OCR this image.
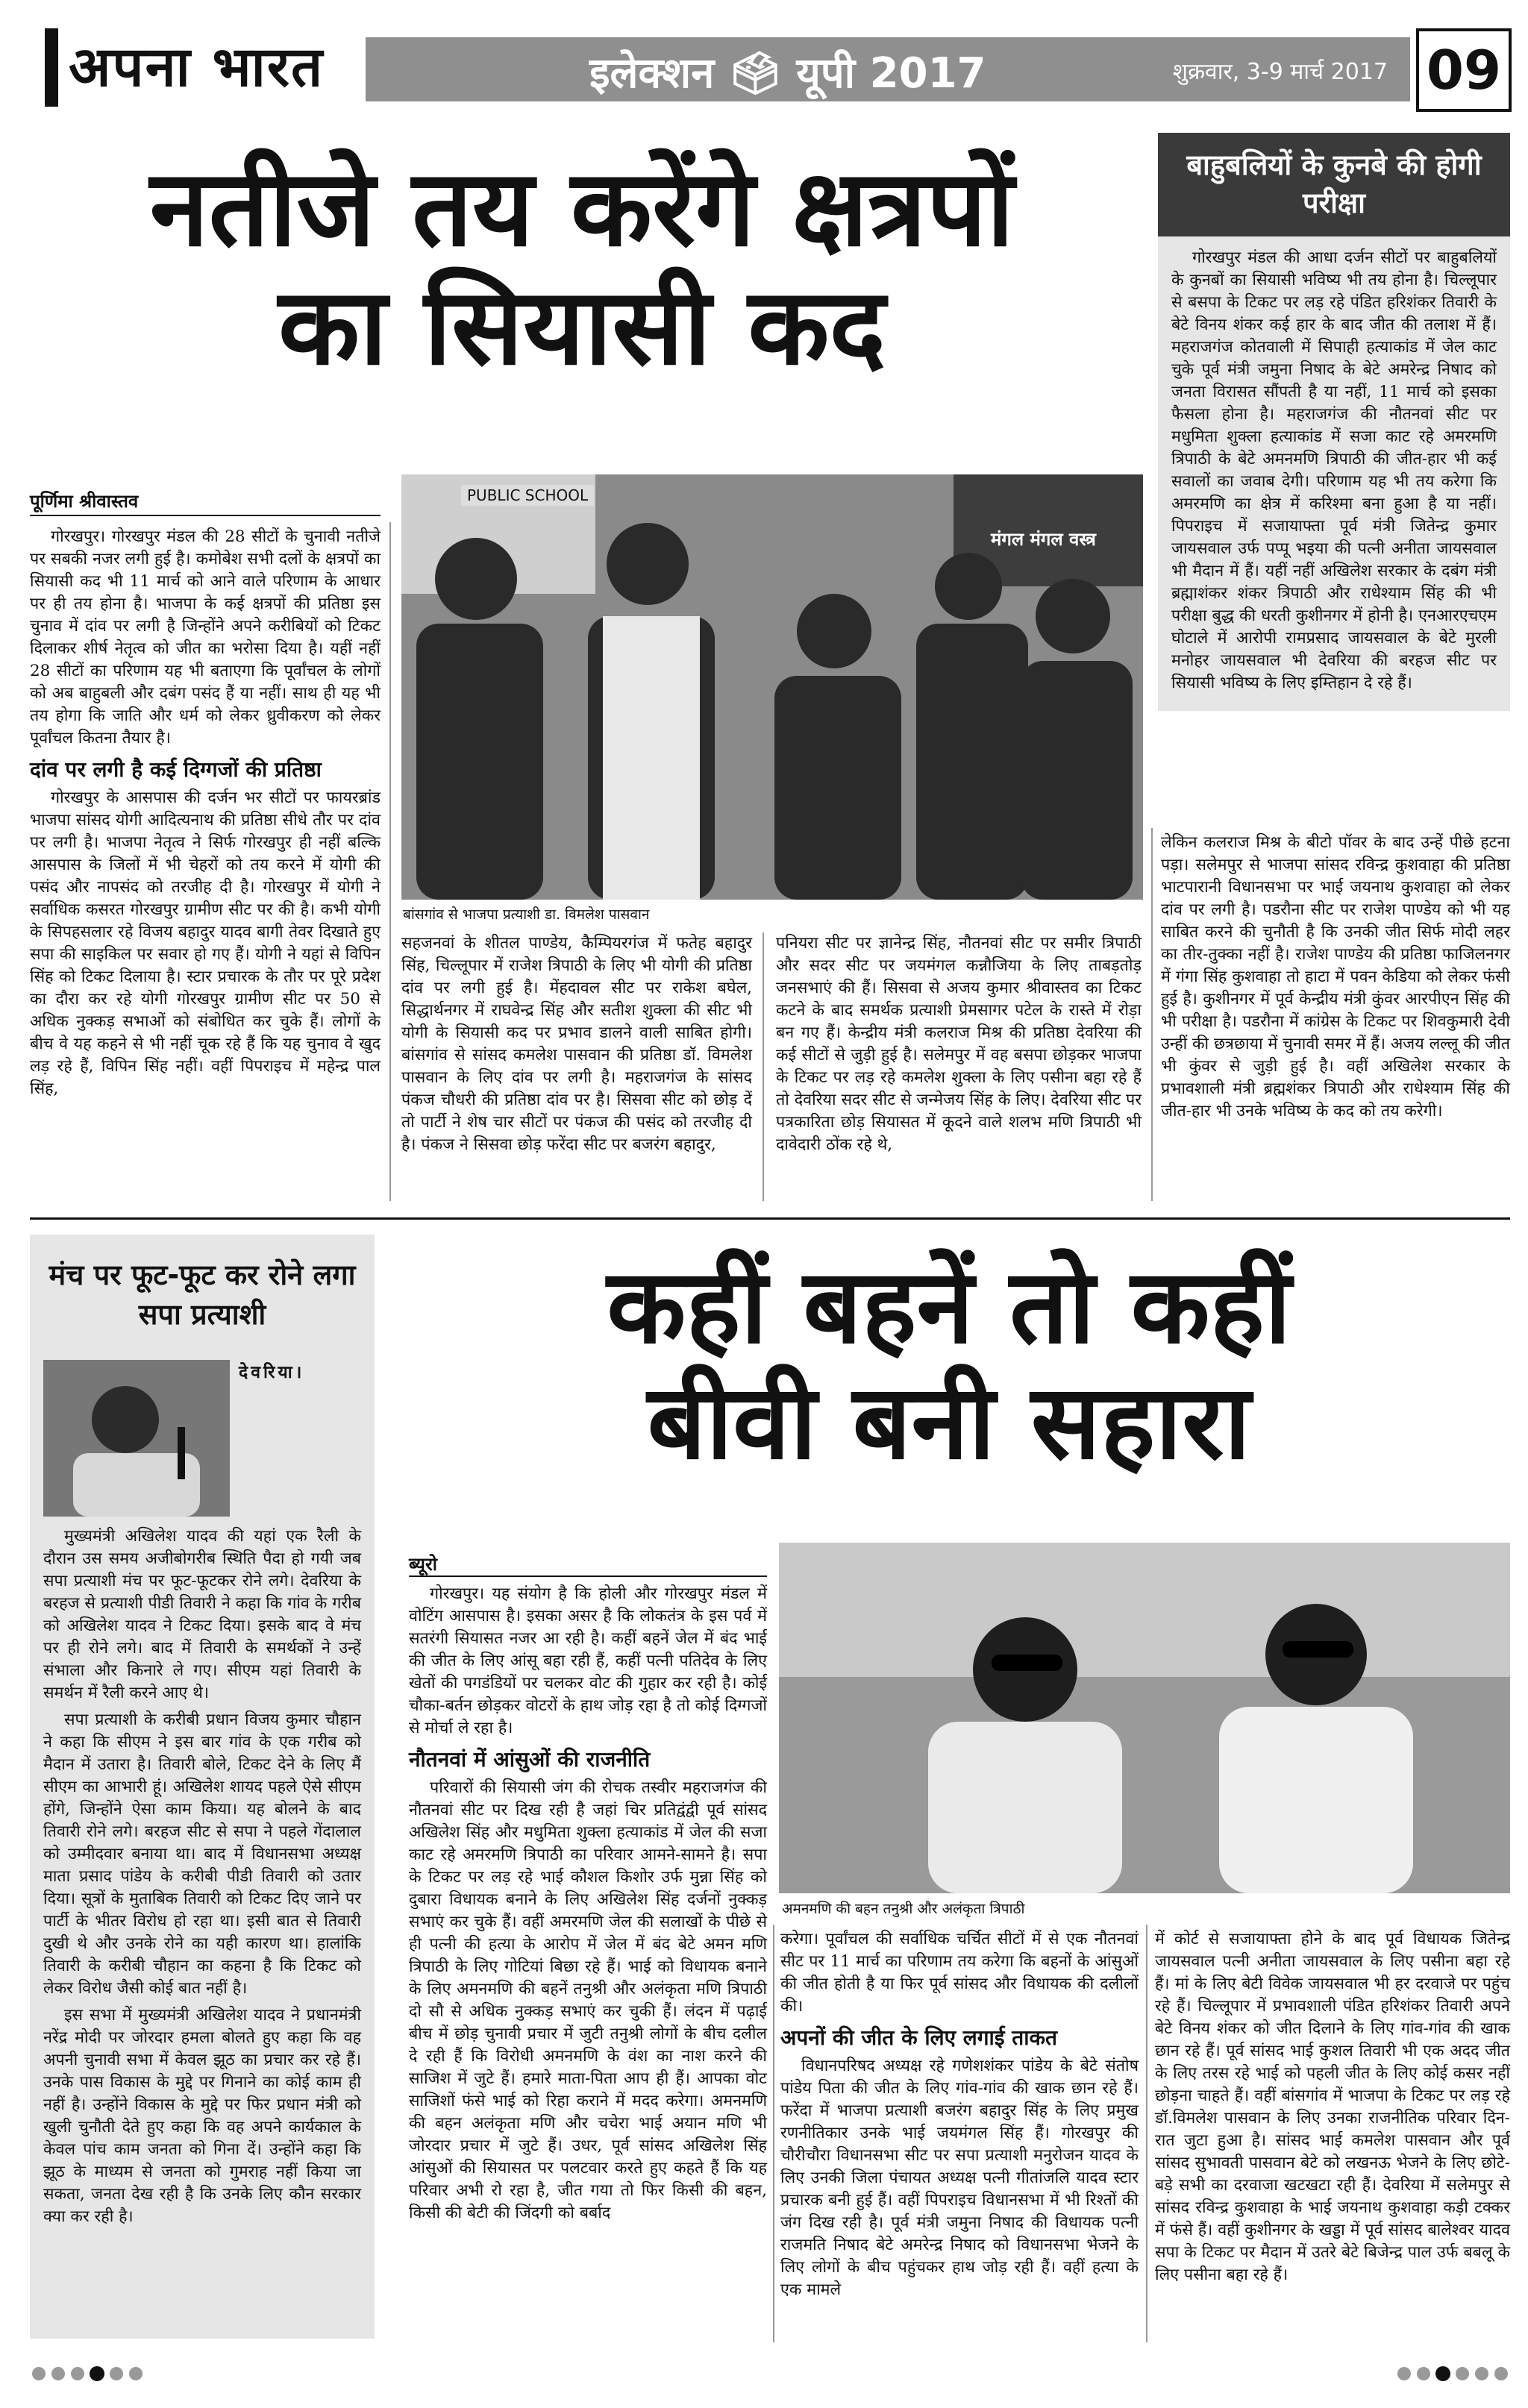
अपना भारत	इलेक्शन 🗳 यूपी 2017	शुक्रवार, 3-9 मार्च 2017 09
नतीजे तय करेंगे क्षत्रपों
का सियासी कद
बाहुबलियों के कुनबे की होगी परीक्षा

गोरखपुर मंडल की आधा दर्जन सीटों पर बाहुबलियों के कुनबों का सियासी भविष्य भी तय होना है। चिल्लूपार से बसपा के टिकट पर लड़ रहे पंडित हरिशंकर तिवारी के बेटे विनय शंकर कई हार के बाद जीत की तलाश में हैं। महराजगंज कोतवाली में सिपाही हत्याकांड में जेल काट चुके पूर्व मंत्री जमुना निषाद के बेटे अमरेन्द्र निषाद को जनता विरासत सौंपती है या नहीं, 11 मार्च को इसका फैसला होना है। महराजगंज की नौतनवां सीट पर मधुमिता शुक्ला हत्याकांड में सजा काट रहे अमरमणि त्रिपाठी के बेटे अमनमणि त्रिपाठी की जीत-हार भी कई सवालों का जवाब देगी। परिणाम यह भी तय करेगा कि अमरमणि का क्षेत्र में करिश्मा बना हुआ है या नहीं। पिपराइच में सजायाफ्ता पूर्व मंत्री जितेन्द्र कुमार जायसवाल उर्फ पप्पू भइया की पत्नी अनीता जायसवाल भी मैदान में हैं। यहीं नहीं अखिलेश सरकार के दबंग मंत्री ब्रह्माशंकर शंकर त्रिपाठी और राधेश्याम सिंह की भी परीक्षा बुद्ध की धरती कुशीनगर में होनी है। एनआरएचएम घोटाले में आरोपी रामप्रसाद जायसवाल के बेटे मुरली मनोहर जायसवाल भी देवरिया की बरहज सीट पर सियासी भविष्य के लिए इम्तिहान दे रहे हैं।

पूर्णिमा श्रीवास्तव

गोरखपुर। गोरखपुर मंडल की 28 सीटों के चुनावी नतीजे पर सबकी नजर लगी हुई है। कमोबेश सभी दलों के क्षत्रपों का सियासी कद भी 11 मार्च को आने वाले परिणाम के आधार पर ही तय होना है। भाजपा के कई क्षत्रपों की प्रतिष्ठा इस चुनाव में दांव पर लगी है जिन्होंने अपने करीबियों को टिकट दिलाकर शीर्ष नेतृत्व को जीत का भरोसा दिया है। यहीं नहीं 28 सीटों का परिणाम यह भी बताएगा कि पूर्वांचल के लोगों को अब बाहुबली और दबंग पसंद हैं या नहीं। साथ ही यह भी तय होगा कि जाति और धर्म को लेकर ध्रुवीकरण को लेकर पूर्वांचल कितना तैयार है।

दांव पर लगी है कई दिग्गजों की प्रतिष्ठा

गोरखपुर के आसपास की दर्जन भर सीटों पर फायरब्रांड भाजपा सांसद योगी आदित्यनाथ की प्रतिष्ठा सीधे तौर पर दांव पर लगी है। भाजपा नेतृत्व ने सिर्फ गोरखपुर ही नहीं बल्कि आसपास के जिलों में भी चेहरों को तय करने में योगी की पसंद और नापसंद को तरजीह दी है। गोरखपुर में योगी ने सर्वाधिक कसरत गोरखपुर ग्रामीण सीट पर की है। कभी योगी के सिपहसलार रहे विजय बहादुर यादव बागी तेवर दिखाते हुए सपा की साइकिल पर सवार हो गए हैं। योगी ने यहां से विपिन सिंह को टिकट दिलाया है। स्टार प्रचारक के तौर पर पूरे प्रदेश का दौरा कर रहे योगी गोरखपुर ग्रामीण सीट पर 50 से अधिक नुक्कड़ सभाओं को संबोधित कर चुके हैं। लोगों के बीच वे यह कहने से भी नहीं चूक रहे हैं कि यह चुनाव वे खुद लड़ रहे हैं, विपिन सिंह नहीं। वहीं पिपराइच में महेन्द्र पाल सिंह,

PUBLIC SCHOOL
मंगल मंगल वस्त्र
बांसगांव से भाजपा प्रत्याशी डा. विमलेश पासवान

सहजनवां के शीतल पाण्डेय, कैम्पियरगंज में फतेह बहादुर सिंह, चिल्लूपार में राजेश त्रिपाठी के लिए भी योगी की प्रतिष्ठा दांव पर लगी हुई है। मेंहदावल सीट पर राकेश बघेल, सिद्धार्थनगर में राघवेन्द्र सिंह और सतीश शुक्ला की सीट भी योगी के सियासी कद पर प्रभाव डालने वाली साबित होगी। बांसगांव से सांसद कमलेश पासवान की प्रतिष्ठा डॉ. विमलेश पासवान के लिए दांव पर लगी है। महराजगंज के सांसद पंकज चौधरी की प्रतिष्ठा दांव पर है। सिसवा सीट को छोड़ दें तो पार्टी ने शेष चार सीटों पर पंकज की पसंद को तरजीह दी है। पंकज ने सिसवा छोड़ फरेंदा सीट पर बजरंग बहादुर,

पनियरा सीट पर ज्ञानेन्द्र सिंह, नौतनवां सीट पर समीर त्रिपाठी और सदर सीट पर जयमंगल कन्नौजिया के लिए ताबड़तोड़ जनसभाएं की हैं। सिसवा से अजय कुमार श्रीवास्तव का टिकट कटने के बाद समर्थक प्रत्याशी प्रेमसागर पटेल के रास्ते में रोड़ा बन गए हैं। केन्द्रीय मंत्री कलराज मिश्र की प्रतिष्ठा देवरिया की कई सीटों से जुड़ी हुई है। सलेमपुर में वह बसपा छोड़कर भाजपा के टिकट पर लड़ रहे कमलेश शुक्ला के लिए पसीना बहा रहे हैं तो देवरिया सदर सीट से जन्मेजय सिंह के लिए। देवरिया सीट पर पत्रकारिता छोड़ सियासत में कूदने वाले शलभ मणि त्रिपाठी भी दावेदारी ठोंक रहे थे,

लेकिन कलराज मिश्र के बीटो पॉवर के बाद उन्हें पीछे हटना पड़ा। सलेमपुर से भाजपा सांसद रविन्द्र कुशवाहा की प्रतिष्ठा भाटपारानी विधानसभा पर भाई जयनाथ कुशवाहा को लेकर दांव पर लगी है। पडरौना सीट पर राजेश पाण्डेय को भी यह साबित करने की चुनौती है कि उनकी जीत सिर्फ मोदी लहर का तीर-तुक्का नहीं है। राजेश पाण्डेय की प्रतिष्ठा फाजिलनगर में गंगा सिंह कुशवाहा तो हाटा में पवन केडिया को लेकर फंसी हुई है। कुशीनगर में पूर्व केन्द्रीय मंत्री कुंवर आरपीएन सिंह की भी परीक्षा है। पडरौना में कांग्रेस के टिकट पर शिवकुमारी देवी उन्हीं की छत्रछाया में चुनावी समर में हैं। अजय लल्लू की जीत भी कुंवर से जुड़ी हुई है। वहीं अखिलेश सरकार के प्रभावशाली मंत्री ब्रह्मशंकर त्रिपाठी और राधेश्याम सिंह की जीत-हार भी उनके भविष्य के कद को तय करेगी।

मंच पर फूट-फूट कर रोने लगा सपा प्रत्याशी
देवरिया।

मुख्यमंत्री अखिलेश यादव की यहां एक रैली के दौरान उस समय अजीबोगरीब स्थिति पैदा हो गयी जब सपा प्रत्याशी मंच पर फूट-फूटकर रोने लगे। देवरिया के बरहज से प्रत्याशी पीडी तिवारी ने कहा कि गांव के गरीब को अखिलेश यादव ने टिकट दिया। इसके बाद वे मंच पर ही रोने लगे। बाद में तिवारी के समर्थकों ने उन्हें संभाला और किनारे ले गए। सीएम यहां तिवारी के समर्थन में रैली करने आए थे।

सपा प्रत्याशी के करीबी प्रधान विजय कुमार चौहान ने कहा कि सीएम ने इस बार गांव के एक गरीब को मैदान में उतारा है। तिवारी बोले, टिकट देने के लिए मैं सीएम का आभारी हूं। अखिलेश शायद पहले ऐसे सीएम होंगे, जिन्होंने ऐसा काम किया। यह बोलने के बाद तिवारी रोने लगे। बरहज सीट से सपा ने पहले गेंदालाल को उम्मीदवार बनाया था। बाद में विधानसभा अध्यक्ष माता प्रसाद पांडेय के करीबी पीडी तिवारी को उतार दिया। सूत्रों के मुताबिक तिवारी को टिकट दिए जाने पर पार्टी के भीतर विरोध हो रहा था। इसी बात से तिवारी दुखी थे और उनके रोने का यही कारण था। हालांकि तिवारी के करीबी चौहान का कहना है कि टिकट को लेकर विरोध जैसी कोई बात नहीं है।

इस सभा में मुख्यमंत्री अखिलेश यादव ने प्रधानमंत्री नरेंद्र मोदी पर जोरदार हमला बोलते हुए कहा कि वह अपनी चुनावी सभा में केवल झूठ का प्रचार कर रहे हैं। उनके पास विकास के मुद्दे पर गिनाने का कोई काम ही नहीं है। उन्होंने विकास के मुद्दे पर फिर प्रधान मंत्री को खुली चुनौती देते हुए कहा कि वह अपने कार्यकाल के केवल पांच काम जनता को गिना दें। उन्होंने कहा कि झूठ के माध्यम से जनता को गुमराह नहीं किया जा सकता, जनता देख रही है कि उनके लिए कौन सरकार क्या कर रही है।

कहीं बहनें तो कहीं
बीवी बनी सहारा
ब्यूरो

गोरखपुर। यह संयोग है कि होली और गोरखपुर मंडल में वोटिंग आसपास है। इसका असर है कि लोकतंत्र के इस पर्व में सतरंगी सियासत नजर आ रही है। कहीं बहनें जेल में बंद भाई की जीत के लिए आंसू बहा रही हैं, कहीं पत्नी पतिदेव के लिए खेतों की पगडंडियों पर चलकर वोट की गुहार कर रही है। कोई चौका-बर्तन छोड़कर वोटरों के हाथ जोड़ रहा है तो कोई दिग्गजों से मोर्चा ले रहा है।

नौतनवां में आंसुओं की राजनीति

परिवारों की सियासी जंग की रोचक तस्वीर महराजगंज की नौतनवां सीट पर दिख रही है जहां चिर प्रतिद्वंद्वी पूर्व सांसद अखिलेश सिंह और मधुमिता शुक्ला हत्याकांड में जेल की सजा काट रहे अमरमणि त्रिपाठी का परिवार आमने-सामने है। सपा के टिकट पर लड़ रहे भाई कौशल किशोर उर्फ मुन्ना सिंह को दुबारा विधायक बनाने के लिए अखिलेश सिंह दर्जनों नुक्कड़ सभाएं कर चुके हैं। वहीं अमरमणि जेल की सलाखों के पीछे से ही पत्नी की हत्या के आरोप में जेल में बंद बेटे अमन मणि त्रिपाठी के लिए गोटियां बिछा रहे हैं। भाई को विधायक बनाने के लिए अमनमणि की बहनें तनुश्री और अलंकृता मणि त्रिपाठी दो सौ से अधिक नुक्कड़ सभाएं कर चुकी हैं। लंदन में पढ़ाई बीच में छोड़ चुनावी प्रचार में जुटी तनुश्री लोगों के बीच दलील दे रही हैं कि विरोधी अमनमणि के वंश का नाश करने की साजिश में जुटे हैं। हमारे माता-पिता आप ही हैं। आपका वोट साजिशों फंसे भाई को रिहा कराने में मदद करेगा। अमनमणि की बहन अलंकृता मणि और चचेरा भाई अयान मणि भी जोरदार प्रचार में जुटे हैं। उधर, पूर्व सांसद अखिलेश सिंह आंसुओं की सियासत पर पलटवार करते हुए कहते हैं कि यह परिवार अभी रो रहा है, जीत गया तो फिर किसी की बहन, किसी की बेटी की जिंदगी को बर्बाद

अमनमणि की बहन तनुश्री और अलंकृता त्रिपाठी

करेगा। पूर्वांचल की सर्वाधिक चर्चित सीटों में से एक नौतनवां सीट पर 11 मार्च का परिणाम तय करेगा कि बहनों के आंसुओं की जीत होती है या फिर पूर्व सांसद और विधायक की दलीलों की।

अपनों की जीत के लिए लगाई ताकत

विधानपरिषद अध्यक्ष रहे गणेशशंकर पांडेय के बेटे संतोष पांडेय पिता की जीत के लिए गांव-गांव की खाक छान रहे हैं। फरेंदा में भाजपा प्रत्याशी बजरंग बहादुर सिंह के लिए प्रमुख रणनीतिकार उनके भाई जयमंगल सिंह हैं। गोरखपुर की चौरीचौरा विधानसभा सीट पर सपा प्रत्याशी मनुरोजन यादव के लिए उनकी जिला पंचायत अध्यक्ष पत्नी गीतांजलि यादव स्टार प्रचारक बनी हुई हैं। वहीं पिपराइच विधानसभा में भी रिश्तों की जंग दिख रही है। पूर्व मंत्री जमुना निषाद की विधायक पत्नी राजमति निषाद बेटे अमरेन्द्र निषाद को विधानसभा भेजने के लिए लोगों के बीच पहुंचकर हाथ जोड़ रही हैं। वहीं हत्या के एक मामले

में कोर्ट से सजायाफ्ता होने के बाद पूर्व विधायक जितेन्द्र जायसवाल पत्नी अनीता जायसवाल के लिए पसीना बहा रहे हैं। मां के लिए बेटी विवेक जायसवाल भी हर दरवाजे पर पहुंच रहे हैं। चिल्लूपार में प्रभावशाली पंडित हरिशंकर तिवारी अपने बेटे विनय शंकर को जीत दिलाने के लिए गांव-गांव की खाक छान रहे हैं। पूर्व सांसद भाई कुशल तिवारी भी एक अदद जीत के लिए तरस रहे भाई को पहली जीत के लिए कोई कसर नहीं छोड़ना चाहते हैं। वहीं बांसगांव में भाजपा के टिकट पर लड़ रहे डॉ.विमलेश पासवान के लिए उनका राजनीतिक परिवार दिन-रात जुटा हुआ है। सांसद भाई कमलेश पासवान और पूर्व सांसद सुभावती पासवान बेटे को लखनऊ भेजने के लिए छोटे-बड़े सभी का दरवाजा खटखटा रही हैं। देवरिया में सलेमपुर से सांसद रविन्द्र कुशवाहा के भाई जयनाथ कुशवाहा कड़ी टक्कर में फंसे हैं। वहीं कुशीनगर के खड्डा में पूर्व सांसद बालेश्वर यादव सपा के टिकट पर मैदान में उतरे बेटे बिजेन्द्र पाल उर्फ बबलू के लिए पसीना बहा रहे हैं।
